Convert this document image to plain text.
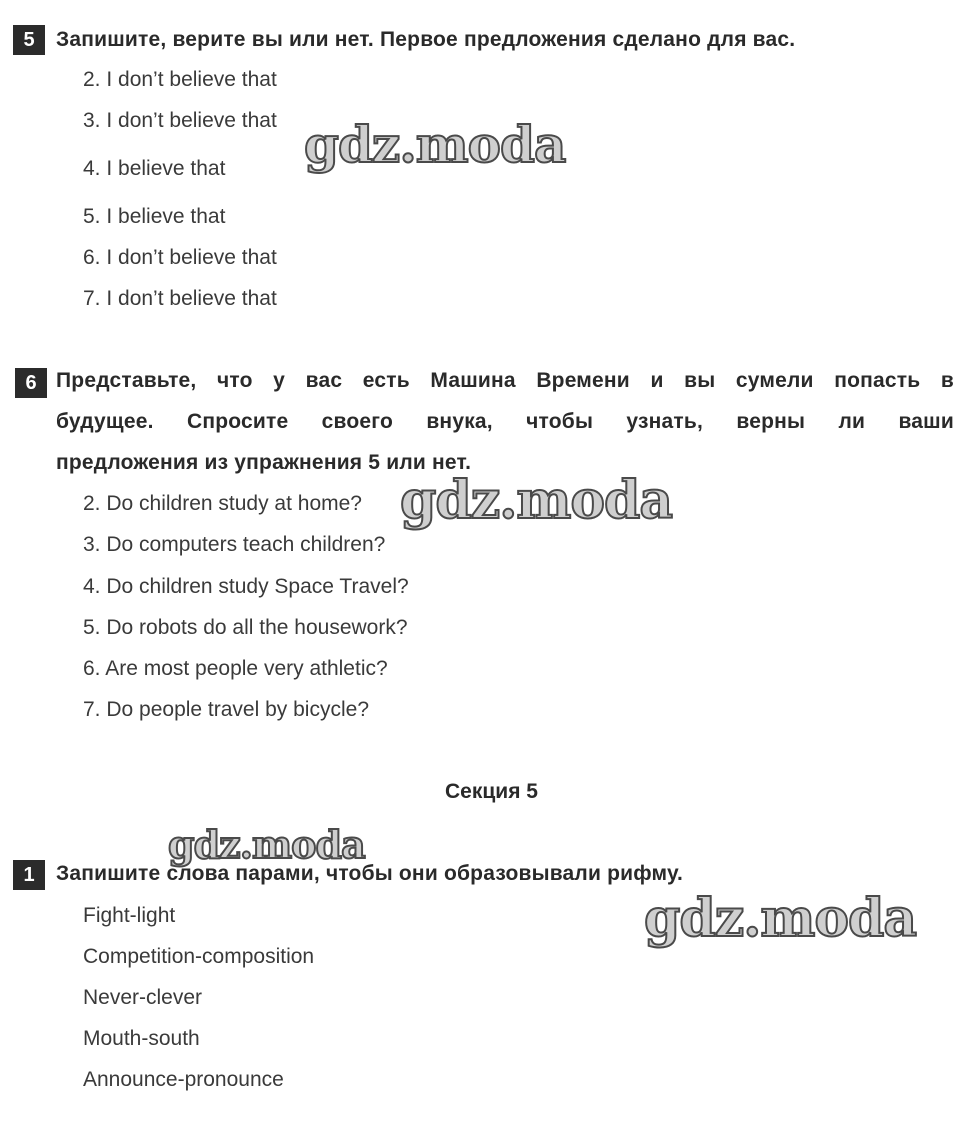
5	Запишите, верите вы или нет. Первое предложения сделано для вас.
2. I don’t believe that
3. I don’t believe that
4. I believe that
5. I believe that
6. I don’t believe that
7. I don’t believe that
gdz.moda
6 Представьте, что у вас есть Машина Времени и вы сумели попасть в
будущее. Спросите своего внука, чтобы узнать, верны ли ваши
предложения из упражнения 5 или нет.
2. Do children study at home?
3. Do computers teach children?
4. Do children study Space Travel?
5. Do robots do all the housework?
6. Are most people very athletic?
7. Do people travel by bicycle?
gdz.moda
Секция 5
gdz.moda
1	Запишите слова парами, чтобы они образовывали рифму.
Fight-light
Competition-composition
Never-clever
Mouth-south
Announce-pronounce
gdz.moda
